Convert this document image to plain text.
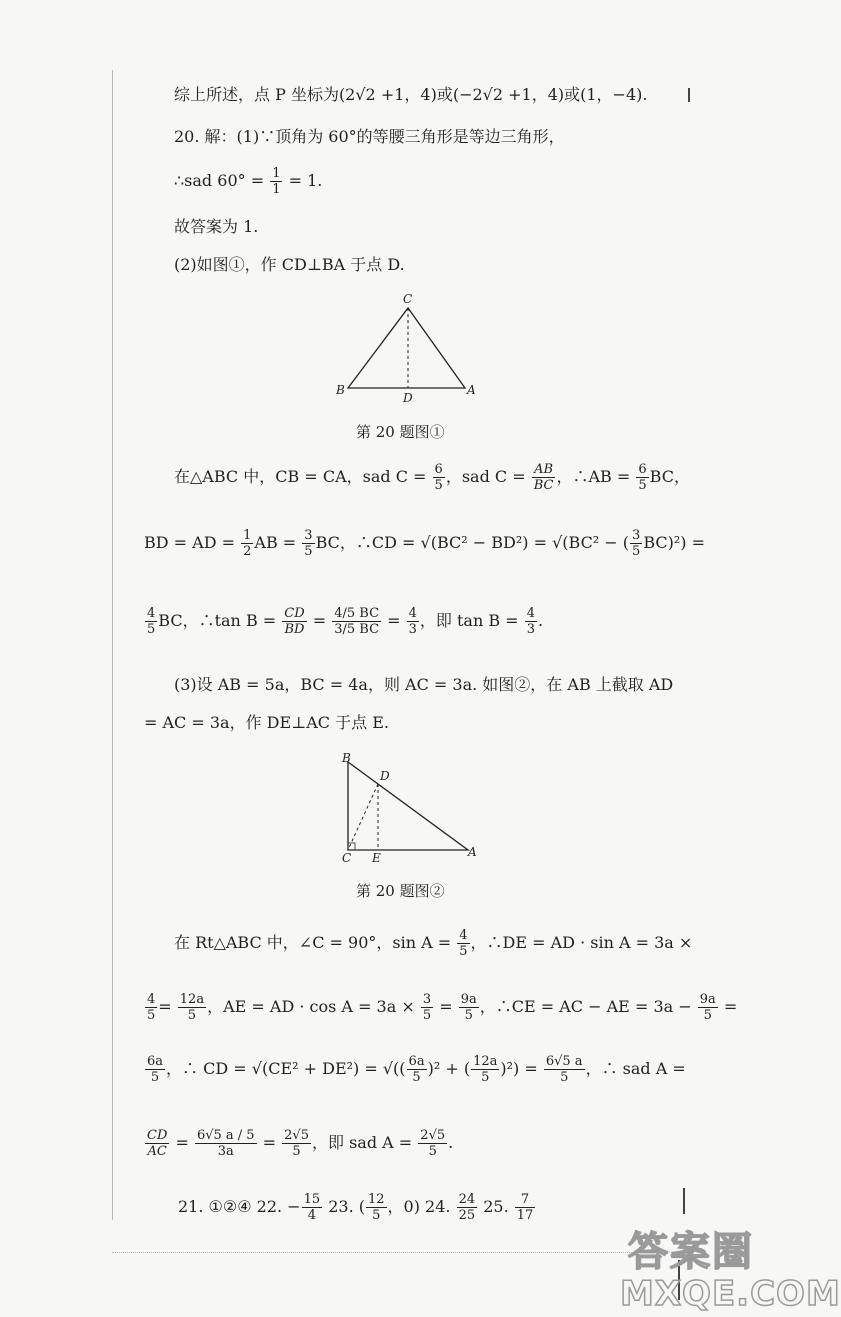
综上所述，点 P 坐标为(2√2 +1，4)或(−2√2 +1，4)或(1，−4).
20. 解：(1)∵顶角为 60°的等腰三角形是等边三角形，
∴sad $60^\circ = \frac{1}{1} = 1$.
故答案为 1.
(2)如图①，作 CD⊥BA 于点 D.
C
B
D
A
第 20 题图①
在△ABC 中，CB = CA，sad $C = \frac{6}{5}$ ，sad $C = \frac{AB}{BC}$ ，∴AB = $\frac{6}{5}$ BC，
BD = AD = $\frac{1}{2}$ AB = $\frac{3}{5}$ BC，∴CD = √(BC² − BD²) = √(BC² − ( $\frac{3}{5} BC)^2$) =
$\frac{4}{5}$ BC，∴tan $B = \frac{CD}{BD} = \frac{4/5 BC}{3/5 BC} = \frac{4}{3}$ ，即 $\tan B = \frac{4}{3}$ .
(3)设 AB = 5a，BC = 4a，则 AC = 3a. 如图②，在 AB 上截取 AD
= AC = 3a，作 DE⊥AC 于点 E.
B
D
C E	A
第 20 题图②
在 Rt△ABC 中，∠C = 90°，$\sin A = \frac{4}{5}$ ，∴DE = AD · sin A = 3a ×
$\frac{4}{5} = \frac{12a}{5}$ ，AE = AD · $\cos A = 3a \times \frac{3}{5} = \frac{9a}{5}$ ，∴CE = AC − AE = $3a - \frac{9a}{5}$ =
$\frac{6a}{5}$ ，∴ CD = √(CE² + DE²) = √(( $\frac{6a}{5} )^2$ + ( $\frac{12a}{5} )^2) = \frac{6√5 a}{5}$ ，∴ sad A =
$\frac{CD}{AC} = \frac{6√5 a / 5}{3a} = \frac{2√5}{5}$ ，即 sad $A = \frac{2√5}{5}$ .
21. ①②④ 22. − $\frac{15}{4} 23$. ( $\frac{12}{5}$ ，0) 24. $\frac{24}{25} 25$. $\frac{7}{17}$
答案圈
MXQE.COM
